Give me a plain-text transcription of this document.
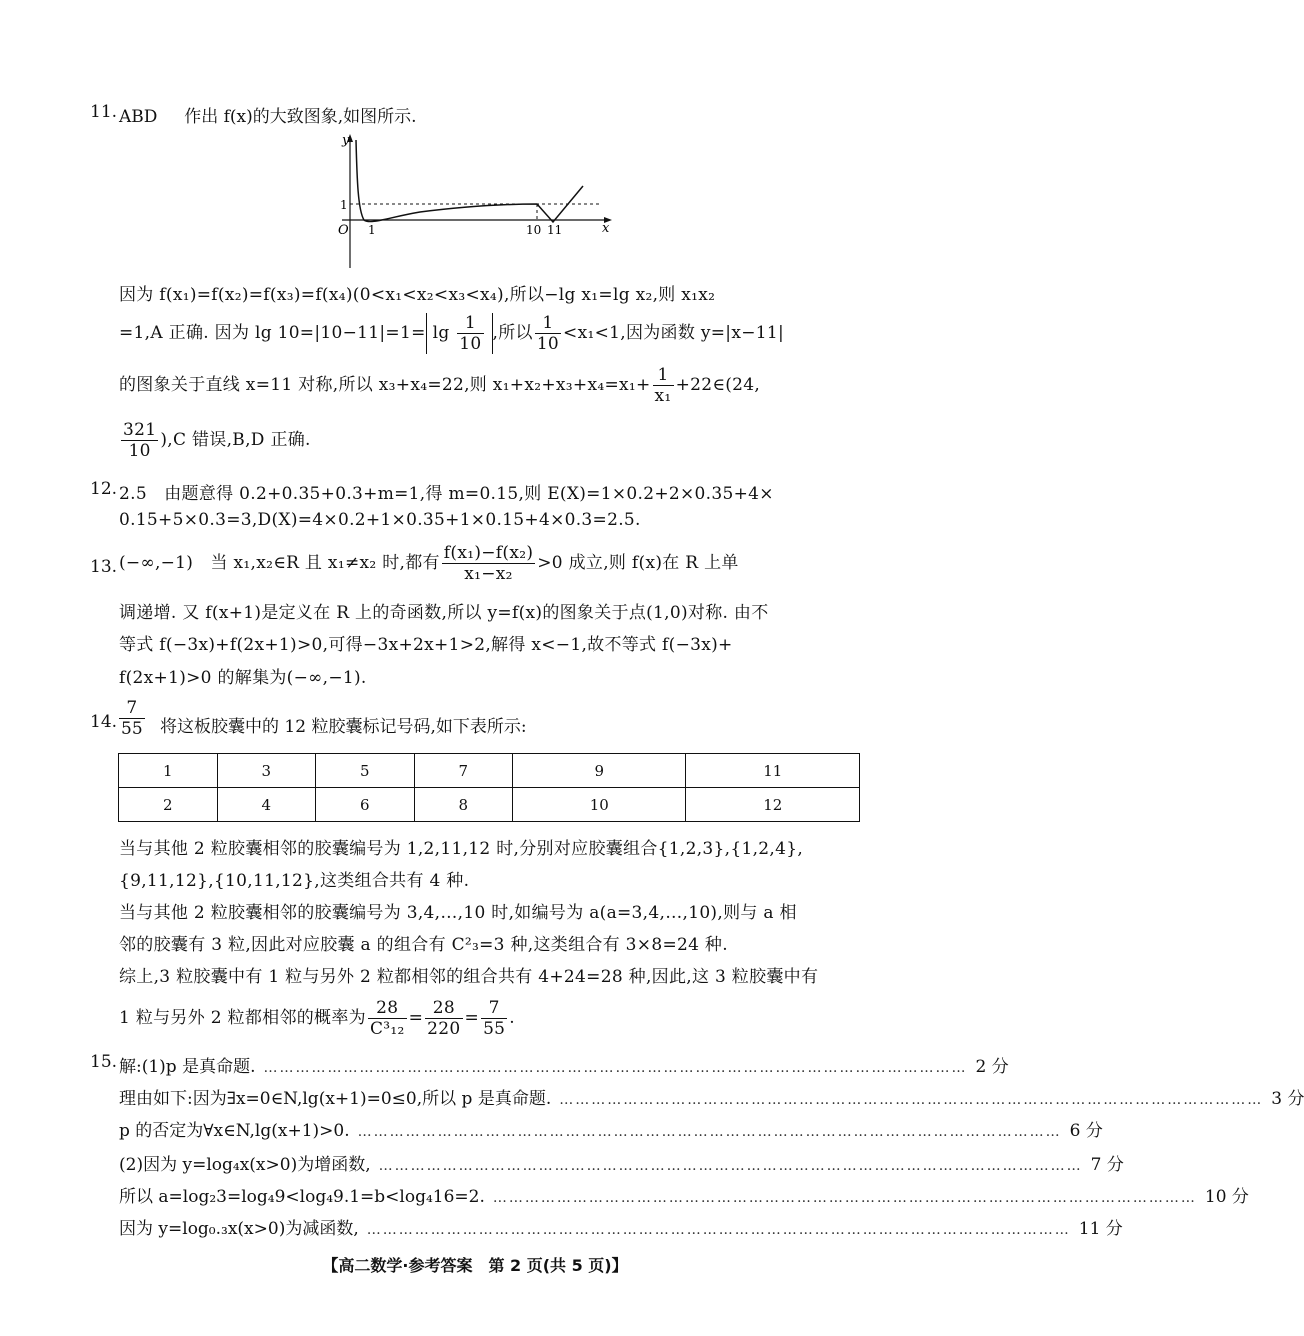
11. ABD 作出 f(x)的大致图象,如图所示.
y
x
O
1
1	10 11
因为 f(x₁)=f(x₂)=f(x₃)=f(x₄)(0<x₁<x₂<x₃<x₄),所以−lg x₁=lg x₂,则 x₁x₂
=1,A 正确. 因为 $\lg 10=|10-11|=1= \lg \frac{1}{10}$ ,所以 $\frac{1}{10} <x_1<1$,因为函数 y=|x−11|
的图象关于直线 x=11 对称,所以 x₃+x₄=22,则 $x_1+x_2+x_3+x_4=x_1+ \frac{1}{\text{x₁}}$ +22∈(24,
$\frac{321}{10} ),C$ 错误,B,D 正确.
12. 2.5　由题意得 0.2+0.35+0.3+m=1,得 m=0.15,则 E(X)=1×0.2+2×0.35+4×
0.15+5×0.3=3,D(X)=4×0.2+1×0.35+1×0.15+4×0.3=2.5.
13. (−∞,−1)　当 x₁,x₂∈R 且 x₁≠x₂ 时,都有 $\frac{\text{f(x₁)−f(x₂)}}{\text{x₁−x₂}} >0$ 成立,则 f(x)在 R 上单
调递增. 又 f(x+1)是定义在 R 上的奇函数,所以 y=f(x)的图象关于点(1,0)对称. 由不
等式 f(−3x)+f(2x+1)>0,可得−3x+2x+1>2,解得 x<−1,故不等式 f(−3x)+
f(2x+1)>0 的解集为(−∞,−1).
14. $\frac{7}{55}$ 将这板胶囊中的 12 粒胶囊标记号码,如下表所示:
1	3	5	7	9	11
2	4	6	8	10	12
当与其他 2 粒胶囊相邻的胶囊编号为 1,2,11,12 时,分别对应胶囊组合{1,2,3},{1,2,4},
{9,11,12},{10,11,12},这类组合共有 4 种.
当与其他 2 粒胶囊相邻的胶囊编号为 3,4,…,10 时,如编号为 a(a=3,4,…,10),则与 a 相
邻的胶囊有 3 粒,因此对应胶囊 a 的组合有 C²₃=3 种,这类组合有 3×8=24 种.
综上,3 粒胶囊中有 1 粒与另外 2 粒都相邻的组合共有 4+24=28 种,因此,这 3 粒胶囊中有
1 粒与另外 2 粒都相邻的概率为 $\frac{28}{\text{C³₁₂}} = \frac{28}{220} = \frac{7}{55}$ .
15. 解:(1)p 是真命题. …………………………………………………………………………………………………………………… 2 分
理由如下:因为∃x=0∈N,lg(x+1)=0≤0,所以 p 是真命题. …………………………………………………………………………………………………………………… 3 分
p 的否定为∀x∈N,lg(x+1)>0. …………………………………………………………………………………………………………………… 6 分
(2)因为 y=log₄x(x>0)为增函数, …………………………………………………………………………………………………………………… 7 分
所以 a=log₂3=log₄9<log₄9.1=b<log₄16=2. …………………………………………………………………………………………………………………… 10 分
因为 y=log₀.₃x(x>0)为减函数, …………………………………………………………………………………………………………………… 11 分
【高二数学·参考答案　第 2 页(共 5 页)】
